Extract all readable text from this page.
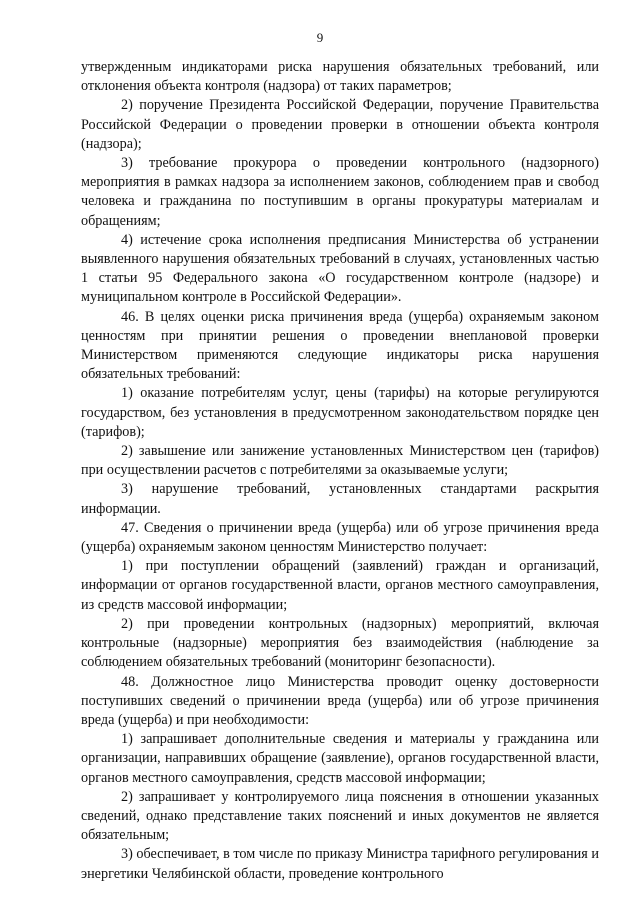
9

утвержденным индикаторами риска нарушения обязательных требований, или отклонения объекта контроля (надзора) от таких параметров;

2) поручение Президента Российской Федерации, поручение Правительства Российской Федерации о проведении проверки в отношении объекта контроля (надзора);

3) требование прокурора о проведении контрольного (надзорного) мероприятия в рамках надзора за исполнением законов, соблюдением прав и свобод человека и гражданина по поступившим в органы прокуратуры материалам и обращениям;

4) истечение срока исполнения предписания Министерства об устранении выявленного нарушения обязательных требований в случаях, установленных частью 1 статьи 95 Федерального закона «О государственном контроле (надзоре) и муниципальном контроле в Российской Федерации».

46. В целях оценки риска причинения вреда (ущерба) охраняемым законом ценностям при принятии решения о проведении внеплановой проверки Министерством применяются следующие индикаторы риска нарушения обязательных требований:

1) оказание потребителям услуг, цены (тарифы) на которые регулируются государством, без установления в предусмотренном законодательством порядке цен (тарифов);

2) завышение или занижение установленных Министерством цен (тарифов) при осуществлении расчетов с потребителями за оказываемые услуги;

3) нарушение требований, установленных стандартами раскрытия информации.

47. Сведения о причинении вреда (ущерба) или об угрозе причинения вреда (ущерба) охраняемым законом ценностям Министерство получает:

1) при поступлении обращений (заявлений) граждан и организаций, информации от органов государственной власти, органов местного самоуправления, из средств массовой информации;

2) при проведении контрольных (надзорных) мероприятий, включая контрольные (надзорные) мероприятия без взаимодействия (наблюдение за соблюдением обязательных требований (мониторинг безопасности).

48. Должностное лицо Министерства проводит оценку достоверности поступивших сведений о причинении вреда (ущерба) или об угрозе причинения вреда (ущерба) и при необходимости:

1) запрашивает дополнительные сведения и материалы у гражданина или организации, направивших обращение (заявление), органов государственной власти, органов местного самоуправления, средств массовой информации;

2) запрашивает у контролируемого лица пояснения в отношении указанных сведений, однако представление таких пояснений и иных документов не является обязательным;

3) обеспечивает, в том числе по приказу Министра тарифного регулирования и энергетики Челябинской области, проведение контрольного
